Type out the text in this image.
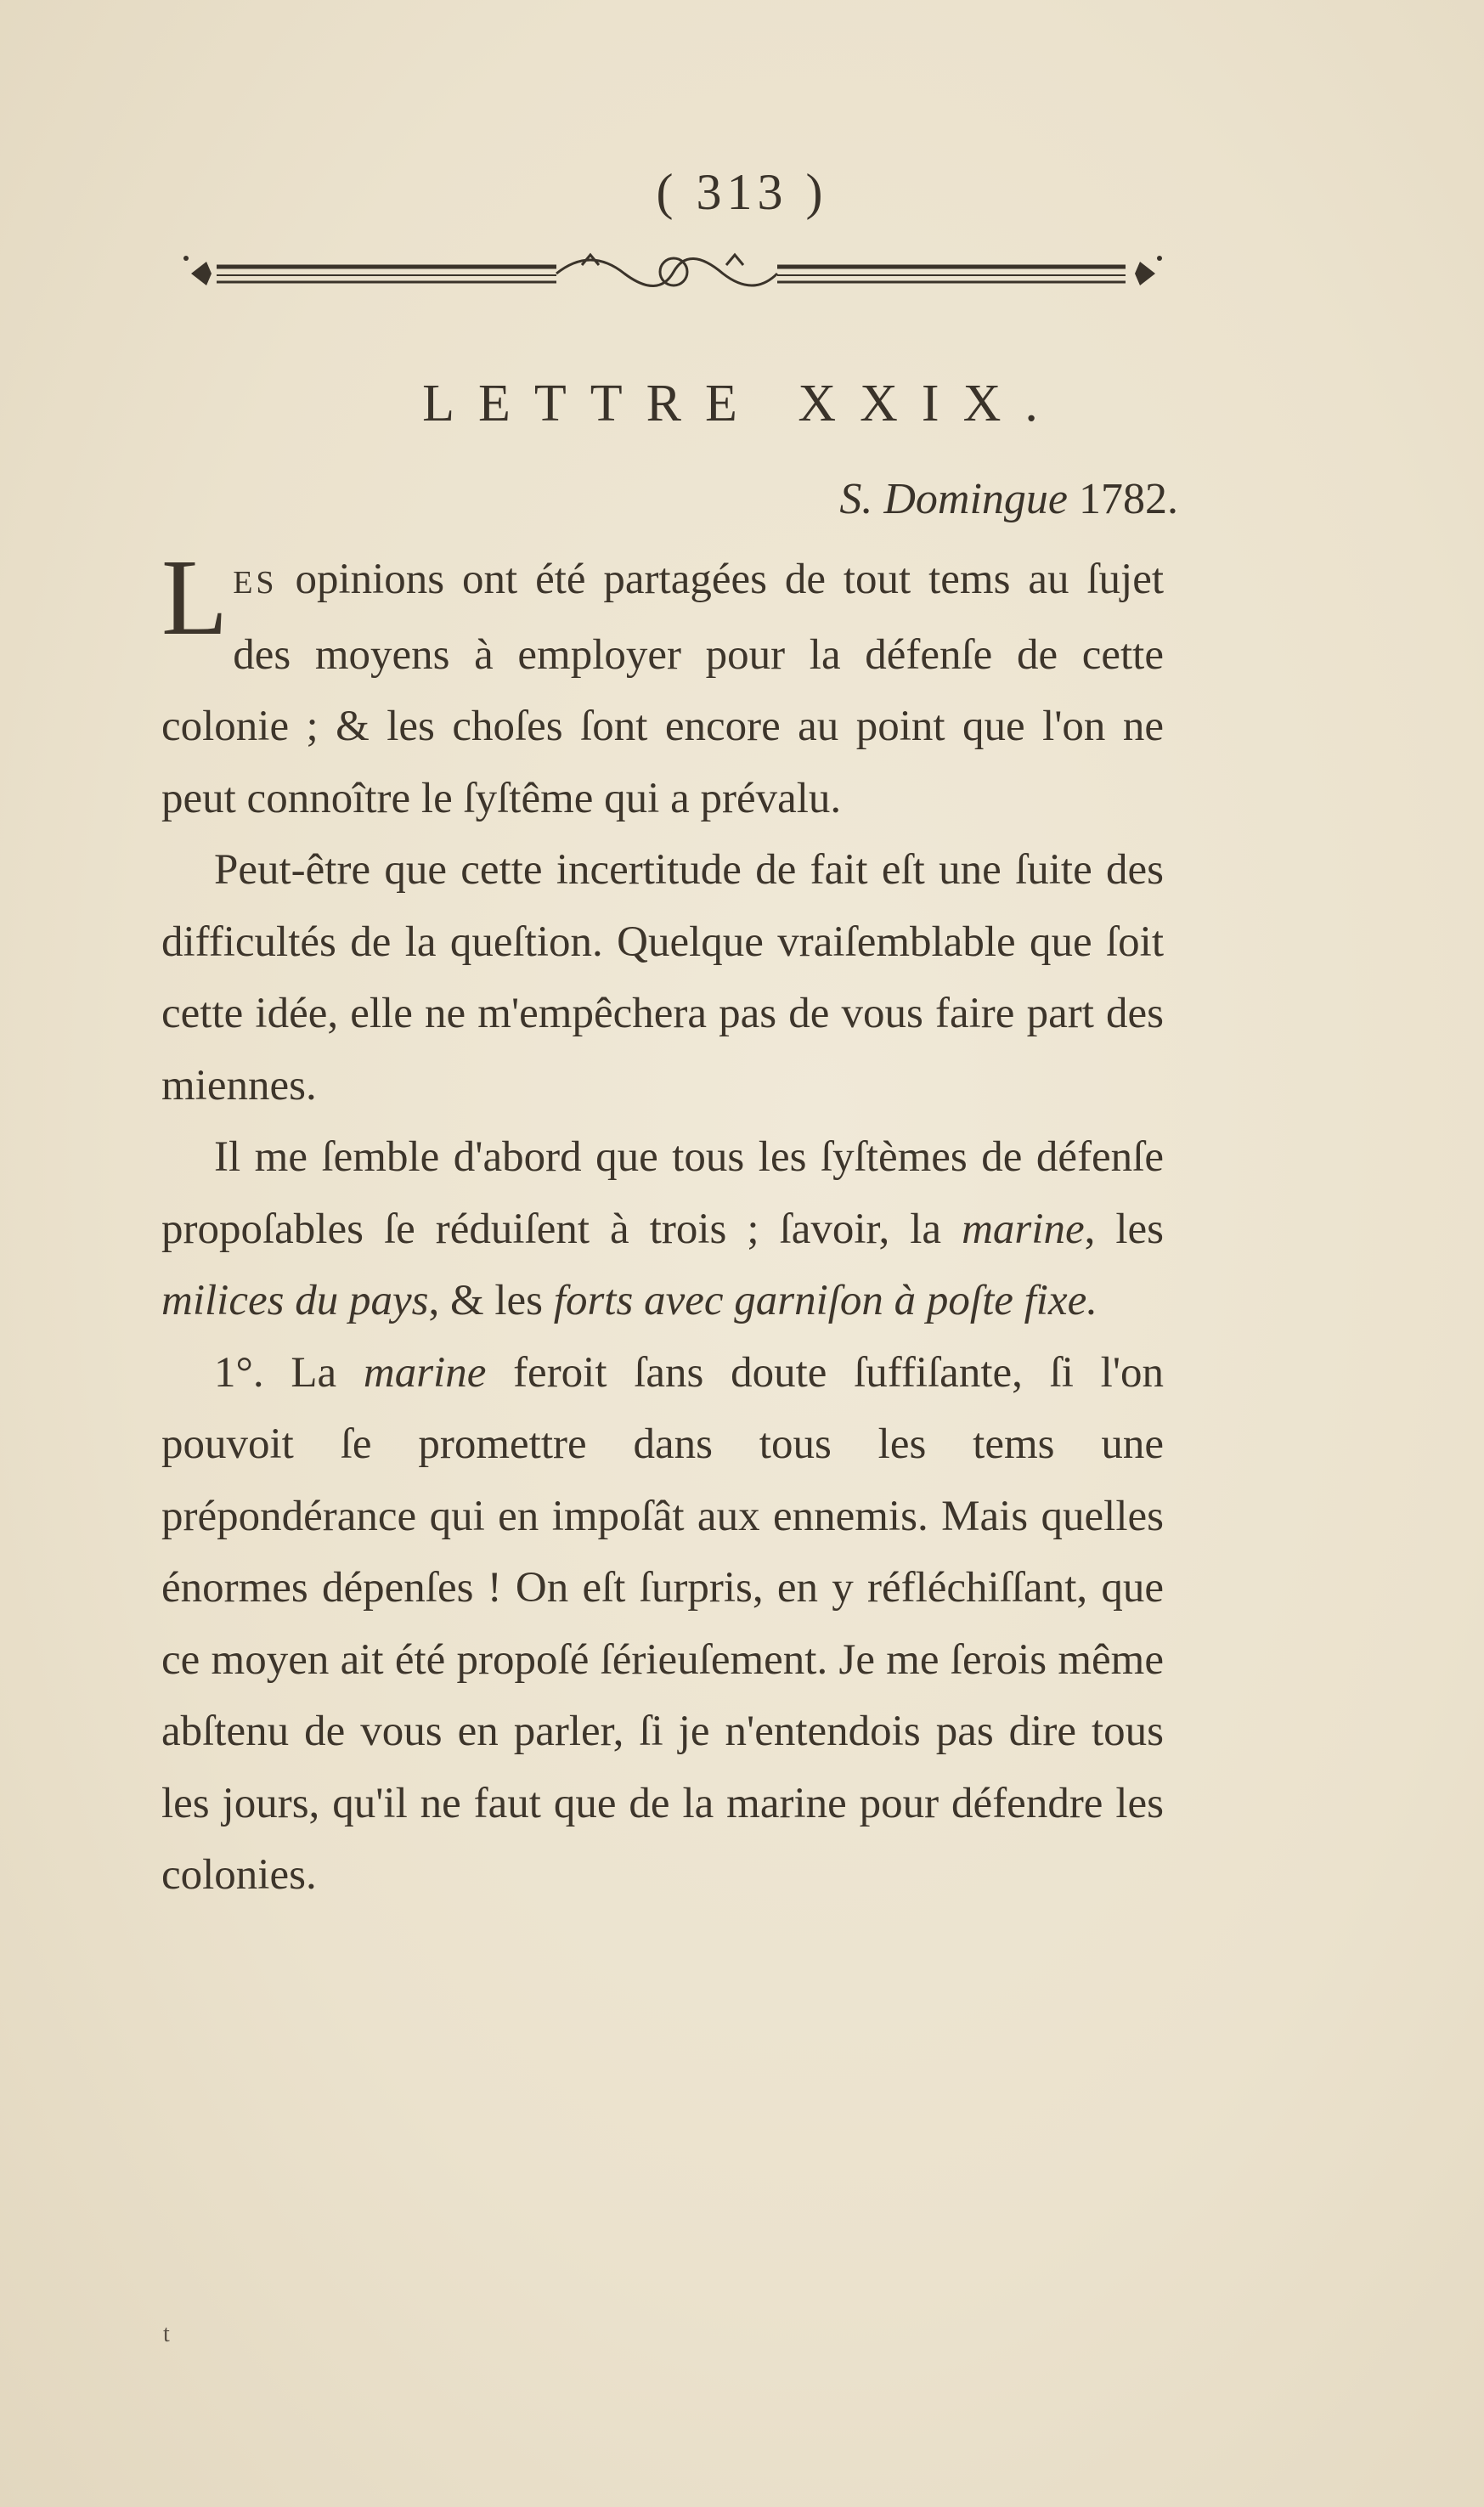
( 313 )
LETTRE XXIX.
S. Domingue 1782.

LES opinions ont été partagées de tout tems au ſujet des moyens à employer pour la défenſe de cette colonie ; & les choſes ſont encore au point que l'on ne peut connoître le ſyſtême qui a prévalu.

Peut-être que cette incertitude de fait eſt une ſuite des difficultés de la queſtion. Quelque vraiſemblable que ſoit cette idée, elle ne m'empêchera pas de vous faire part des miennes.

Il me ſemble d'abord que tous les ſyſtèmes de défenſe propoſables ſe réduiſent à trois ; ſavoir, la marine, les milices du pays, & les forts avec garniſon à poſte fixe.

1°. La marine feroit ſans doute ſuffiſante, ſi l'on pouvoit ſe promettre dans tous les tems une prépondérance qui en impoſât aux ennemis. Mais quelles énormes dépenſes ! On eſt ſurpris, en y réfléchiſſant, que ce moyen ait été propoſé ſérieuſement. Je me ſerois même abſtenu de vous en parler, ſi je n'entendois pas dire tous les jours, qu'il ne faut que de la marine pour défendre les colonies.

t
